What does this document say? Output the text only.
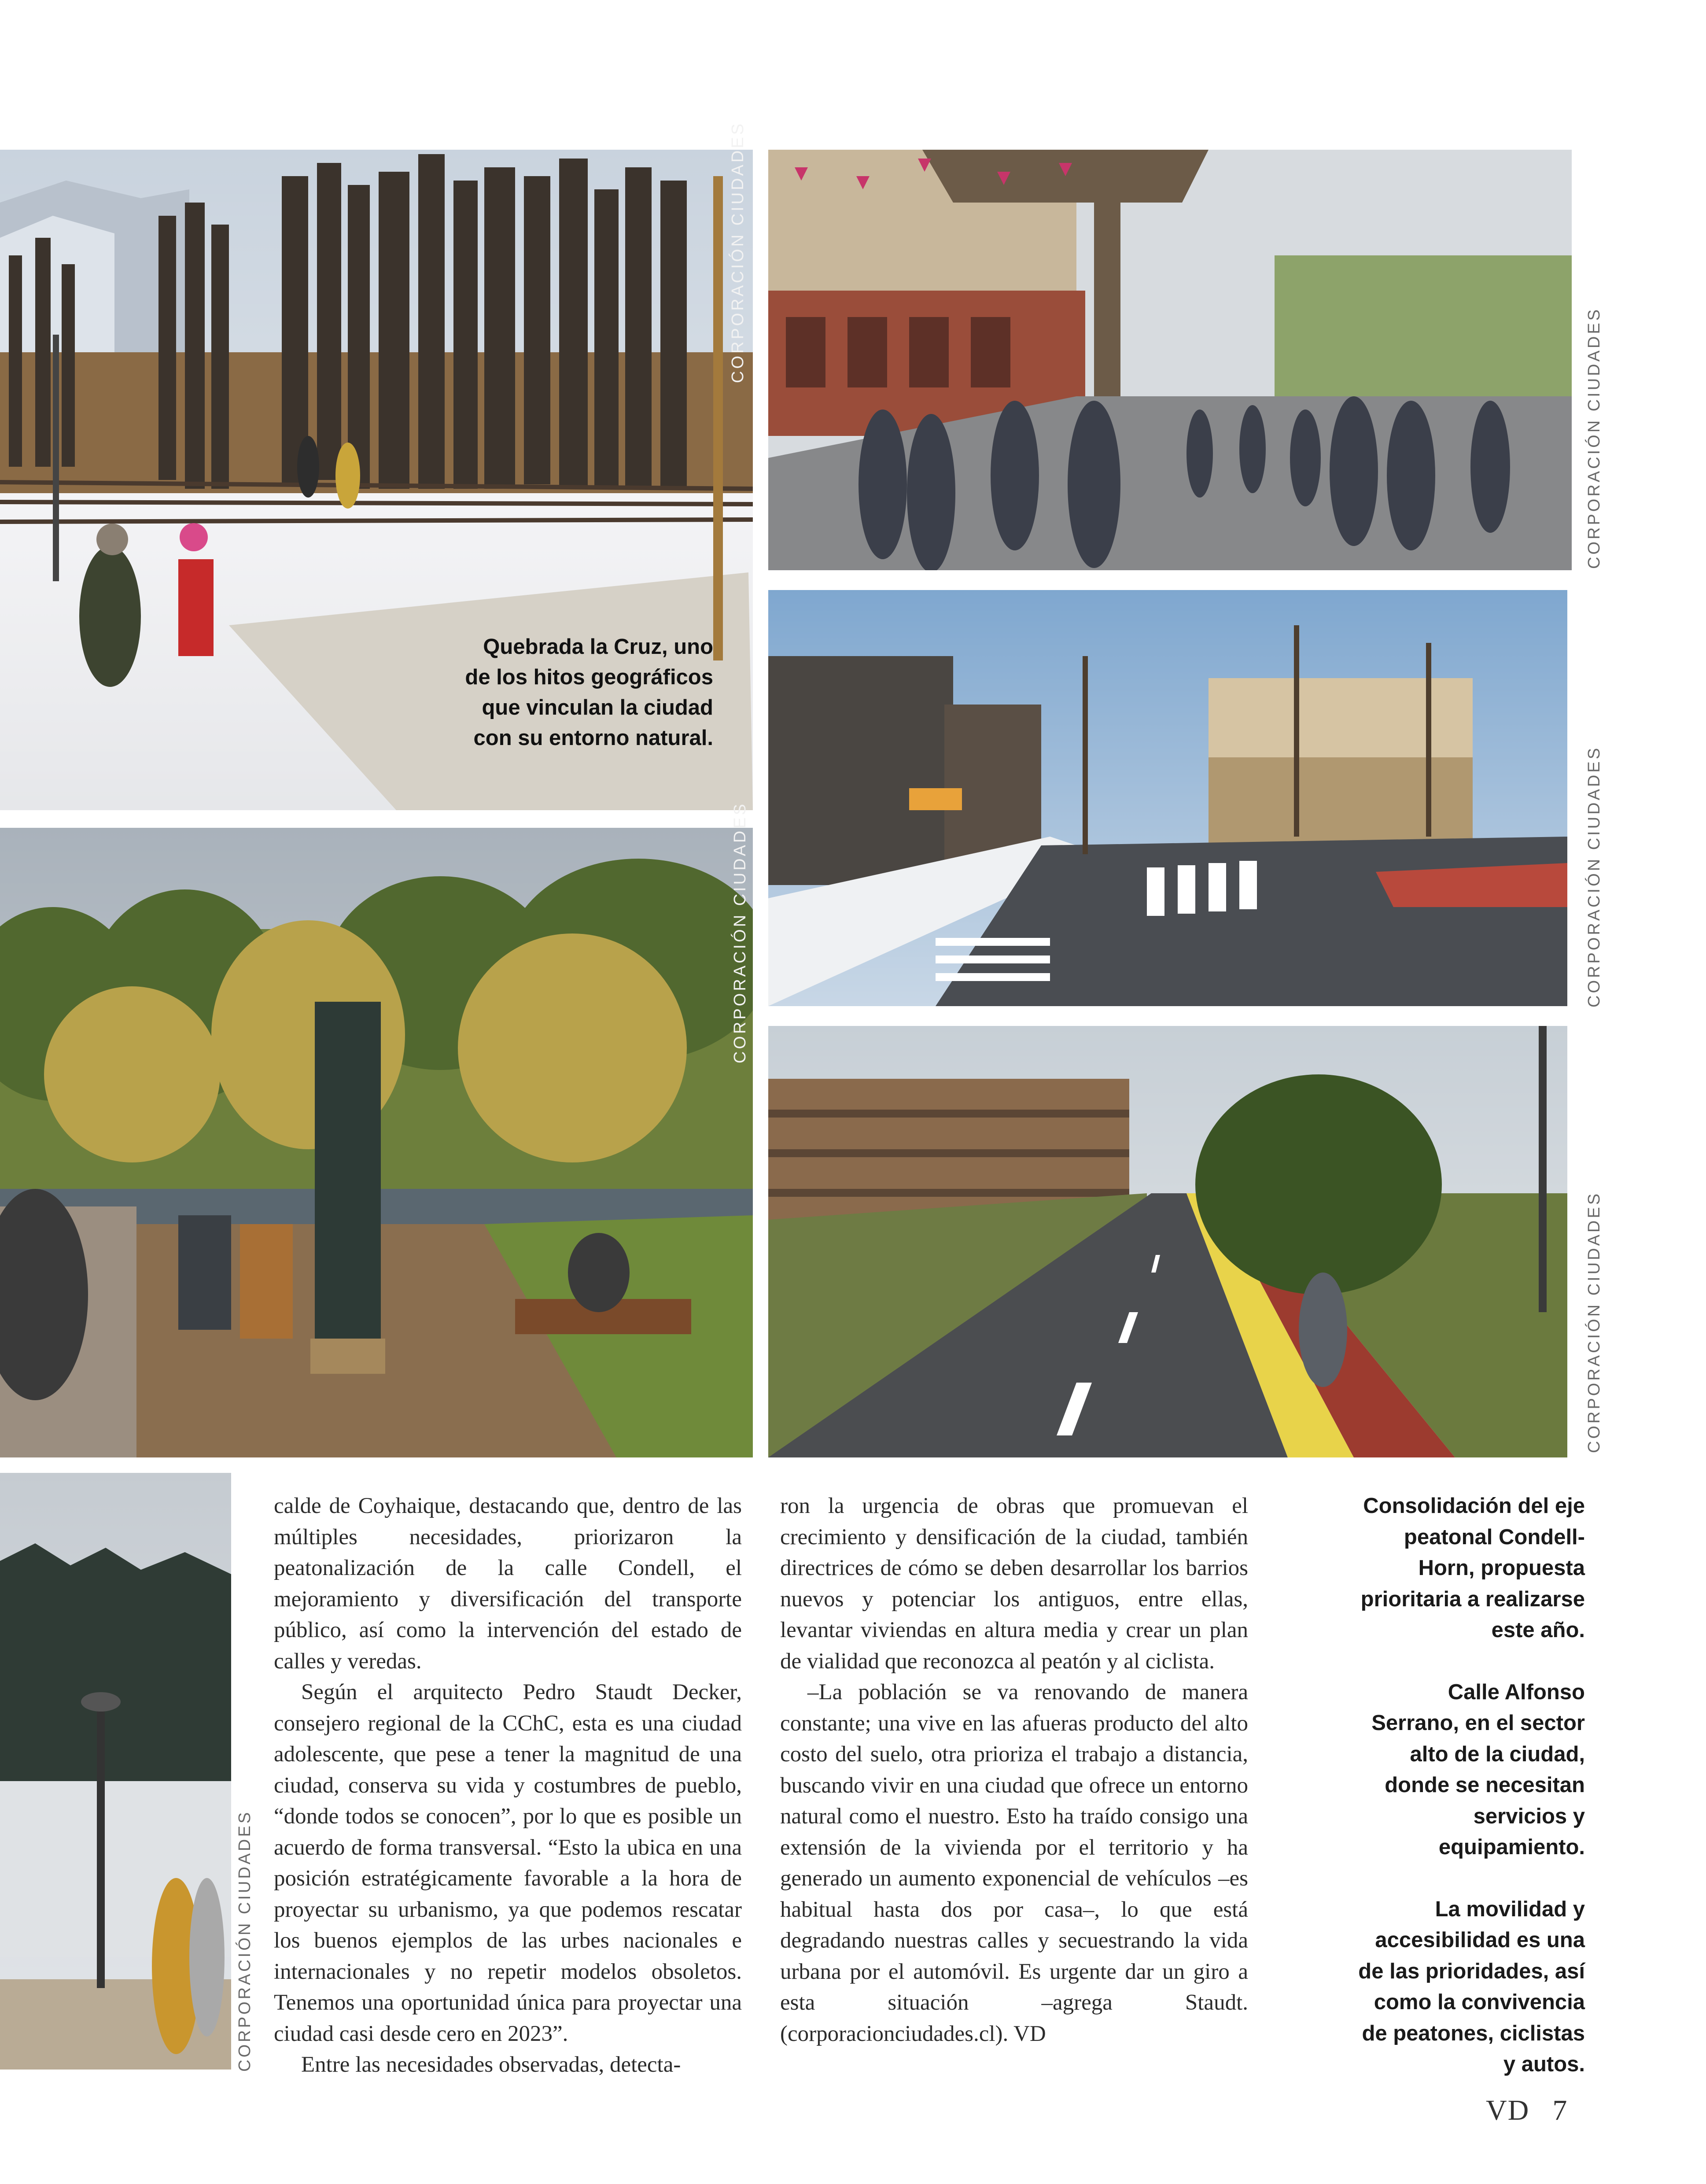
Quebrada la Cruz, uno de los hitos geográficos que vinculan la ciudad con su entorno natural.
CORPORACIÓN CIUDADES
CORPORACIÓN CIUDADES
CORPORACIÓN CIUDADES
CORPORACIÓN CIUDADES
CORPORACIÓN CIUDADES
CORPORACIÓN CIUDADES

calde de Coyhaique, destacando que, dentro de las múltiples necesidades, priorizaron la peatonalización de la calle Condell, el mejoramiento y diversificación del transporte público, así como la intervención del estado de calles y veredas.

Según el arquitecto Pedro Staudt Decker, consejero regional de la CChC, esta es una ciudad adolescente, que pese a tener la magnitud de una ciudad, conserva su vida y costumbres de pueblo, “donde todos se conocen”, por lo que es posible un acuerdo de forma transversal. “Esto la ubica en una posición estratégicamente favorable a la hora de proyectar su urbanismo, ya que podemos rescatar los buenos ejemplos de las urbes nacionales e internacionales y no repetir modelos obsoletos. Tenemos una oportunidad única para proyectar una ciudad casi desde cero en 2023”.

Entre las necesidades observadas, detecta-

ron la urgencia de obras que promuevan el crecimiento y densificación de la ciudad, también directrices de cómo se deben desarrollar los barrios nuevos y potenciar los antiguos, entre ellas, levantar viviendas en altura media y crear un plan de vialidad que reconozca al peatón y al ciclista.

–La población se va renovando de manera constante; una vive en las afueras producto del alto costo del suelo, otra prioriza el trabajo a distancia, buscando vivir en una ciudad que ofrece un entorno natural como el nuestro. Esto ha traído consigo una extensión de la vivienda por el territorio y ha generado un aumento exponencial de vehículos –es habitual hasta dos por casa–, lo que está degradando nuestras calles y secuestrando la vida urbana por el automóvil. Es urgente dar un giro a esta situación –agrega Staudt. (corporacionciudades.cl). VD

Consolidación del eje peatonal Condell-Horn, propuesta prioritaria a realizarse este año.

Calle Alfonso Serrano, en el sector alto de la ciudad, donde se necesitan servicios y equipamiento.

La movilidad y accesibilidad es una de las prioridades, así como la convivencia de peatones, ciclistas y autos.

VD 7
